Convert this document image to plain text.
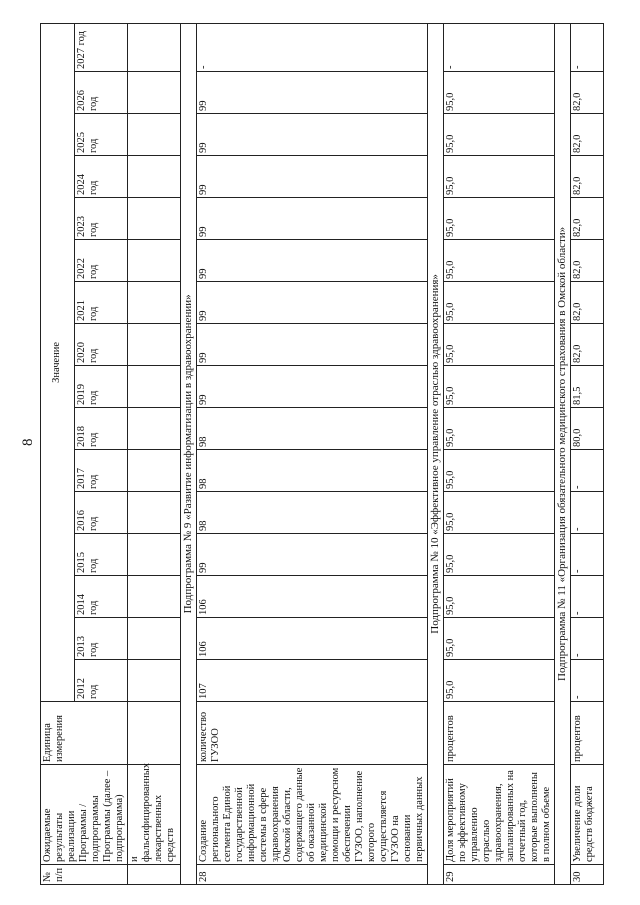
8
№ п/п	Ожидаемые результаты реализации Программы / подпрограммы Программы (далее – подпрограмма)	Единица измерения	Значение															
			2012 год	2013 год	2014 год	2015 год	2016 год	2017 год	2018 год	2019 год	2020 год	2021 год	2022 год	2023 год	2024 год	2025 год	2026 год	2027 год
	и фальсифицированных лекарственных средств																	
Подпрограмма № 9 «Развитие информатизации в здравоохранении»																		
28	Создание регионального сегмента Единой государственной информационной системы в сфере здравоохранения Омской области, содержащего данные об оказанной медицинской помощи и ресурсном обеспечении ГУЗОО, наполнение которого осуществляется ГУЗОО на основании первичных данных	количество ГУЗОО	107	106	106	99	98	98	98	99	99	99	99	99	99	99	99	-
Подпрограмма № 10 «Эффективное управление отраслью здравоохранения»																		
29	Доля мероприятий по эффективному управлению отраслью здравоохранения, запланированных на отчетный год, которые выполнены в полном объеме	процентов	95,0	95,0	95,0	95,0	95,0	95,0	95,0	95,0	95,0	95,0	95,0	95,0	95,0	95,0	95,0	-
Подпрограмма № 11 «Организация обязательного медицинского страхования в Омской области»																		
30	Увеличение доли средств бюджета	процентов	-	-	-	-	-	-	80,0	81,5	82,0	82,0	82,0	82,0	82,0	82,0	82,0	-
